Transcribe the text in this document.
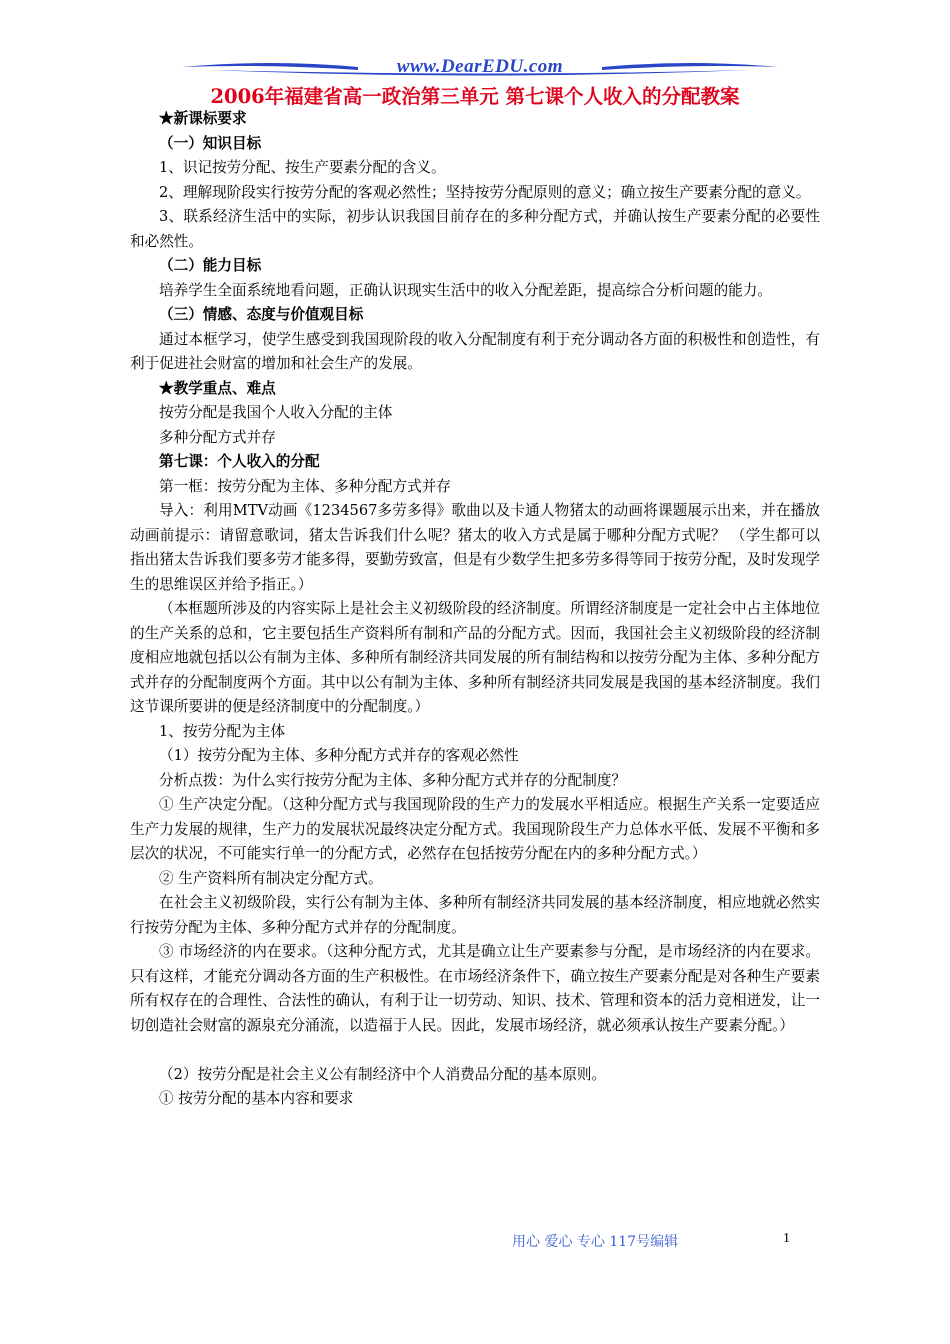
www.DearEDU.com
2006年福建省高一政治第三单元 第七课个人收入的分配教案

★新课标要求

（一）知识目标

1、识记按劳分配、按生产要素分配的含义。

2、理解现阶段实行按劳分配的客观必然性；坚持按劳分配原则的意义；确立按生产要素分配的意义。

3、联系经济生活中的实际，初步认识我国目前存在的多种分配方式，并确认按生产要素分配的必要性和必然性。

（二）能力目标

培养学生全面系统地看问题，正确认识现实生活中的收入分配差距，提高综合分析问题的能力。

（三）情感、态度与价值观目标

通过本框学习，使学生感受到我国现阶段的收入分配制度有利于充分调动各方面的积极性和创造性，有利于促进社会财富的增加和社会生产的发展。

★教学重点、难点

按劳分配是我国个人收入分配的主体

多种分配方式并存

第七课：个人收入的分配

第一框：按劳分配为主体、多种分配方式并存

导入：利用MTV动画《1234567多劳多得》歌曲以及卡通人物猪太的动画将课题展示出来，并在播放动画前提示：请留意歌词，猪太告诉我们什么呢？猪太的收入方式是属于哪种分配方式呢？ （学生都可以指出猪太告诉我们要多劳才能多得，要勤劳致富，但是有少数学生把多劳多得等同于按劳分配，及时发现学生的思维误区并给予指正。）

（本框题所涉及的内容实际上是社会主义初级阶段的经济制度。所谓经济制度是一定社会中占主体地位的生产关系的总和，它主要包括生产资料所有制和产品的分配方式。因而，我国社会主义初级阶段的经济制度相应地就包括以公有制为主体、多种所有制经济共同发展的所有制结构和以按劳分配为主体、多种分配方式并存的分配制度两个方面。其中以公有制为主体、多种所有制经济共同发展是我国的基本经济制度。我们这节课所要讲的便是经济制度中的分配制度。）

1、按劳分配为主体

（1）按劳分配为主体、多种分配方式并存的客观必然性

分析点拨：为什么实行按劳分配为主体、多种分配方式并存的分配制度？

① 生产决定分配。（这种分配方式与我国现阶段的生产力的发展水平相适应。根据生产关系一定要适应生产力发展的规律，生产力的发展状况最终决定分配方式。我国现阶段生产力总体水平低、发展不平衡和多层次的状况，不可能实行单一的分配方式，必然存在包括按劳分配在内的多种分配方式。）

② 生产资料所有制决定分配方式。

在社会主义初级阶段，实行公有制为主体、多种所有制经济共同发展的基本经济制度，相应地就必然实行按劳分配为主体、多种分配方式并存的分配制度。

③ 市场经济的内在要求。（这种分配方式，尤其是确立让生产要素参与分配，是市场经济的内在要求。只有这样，才能充分调动各方面的生产积极性。在市场经济条件下，确立按生产要素分配是对各种生产要素所有权存在的合理性、合法性的确认，有利于让一切劳动、知识、技术、管理和资本的活力竞相迸发，让一切创造社会财富的源泉充分涌流，以造福于人民。因此，发展市场经济，就必须承认按生产要素分配。）

（2）按劳分配是社会主义公有制经济中个人消费品分配的基本原则。

① 按劳分配的基本内容和要求

用心 爱心 专心 117号编辑	1
